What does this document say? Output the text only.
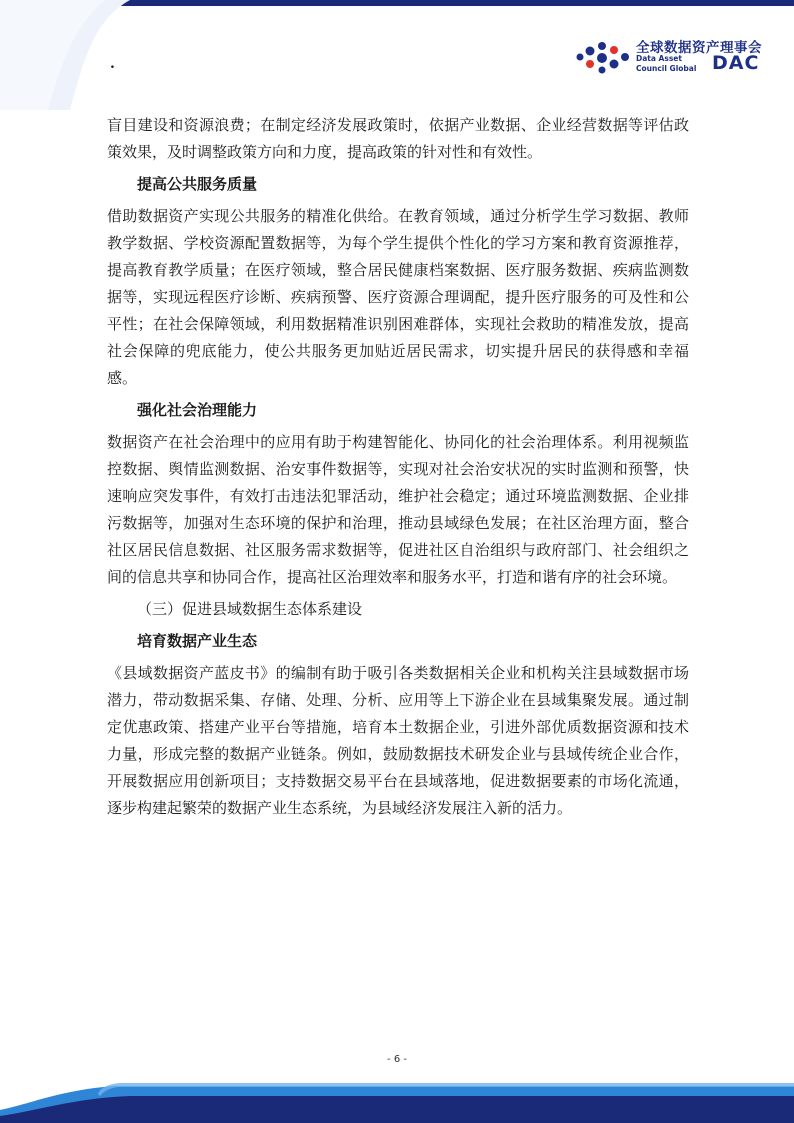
.
全球数据资产理事会
Data Asset
Council Global DAC

盲目建设和资源浪费；在制定经济发展政策时，依据产业数据、企业经营数据等评估政策效果，及时调整政策方向和力度，提高政策的针对性和有效性。

提高公共服务质量

借助数据资产实现公共服务的精准化供给。在教育领域，通过分析学生学习数据、教师教学数据、学校资源配置数据等，为每个学生提供个性化的学习方案和教育资源推荐，提高教育教学质量；在医疗领域，整合居民健康档案数据、医疗服务数据、疾病监测数据等，实现远程医疗诊断、疾病预警、医疗资源合理调配，提升医疗服务的可及性和公平性；在社会保障领域，利用数据精准识别困难群体，实现社会救助的精准发放，提高社会保障的兜底能力，使公共服务更加贴近居民需求，切实提升居民的获得感和幸福感。

强化社会治理能力

数据资产在社会治理中的应用有助于构建智能化、协同化的社会治理体系。利用视频监控数据、舆情监测数据、治安事件数据等，实现对社会治安状况的实时监测和预警，快速响应突发事件，有效打击违法犯罪活动，维护社会稳定；通过环境监测数据、企业排污数据等，加强对生态环境的保护和治理，推动县域绿色发展；在社区治理方面，整合社区居民信息数据、社区服务需求数据等，促进社区自治组织与政府部门、社会组织之间的信息共享和协同合作，提高社区治理效率和服务水平，打造和谐有序的社会环境。

（三）促进县域数据生态体系建设
培育数据产业生态

《县域数据资产蓝皮书》的编制有助于吸引各类数据相关企业和机构关注县域数据市场潜力，带动数据采集、存储、处理、分析、应用等上下游企业在县域集聚发展。通过制定优惠政策、搭建产业平台等措施，培育本土数据企业，引进外部优质数据资源和技术力量，形成完整的数据产业链条。例如，鼓励数据技术研发企业与县域传统企业合作，开展数据应用创新项目；支持数据交易平台在县域落地，促进数据要素的市场化流通，逐步构建起繁荣的数据产业生态系统，为县域经济发展注入新的活力。

- 6 -
